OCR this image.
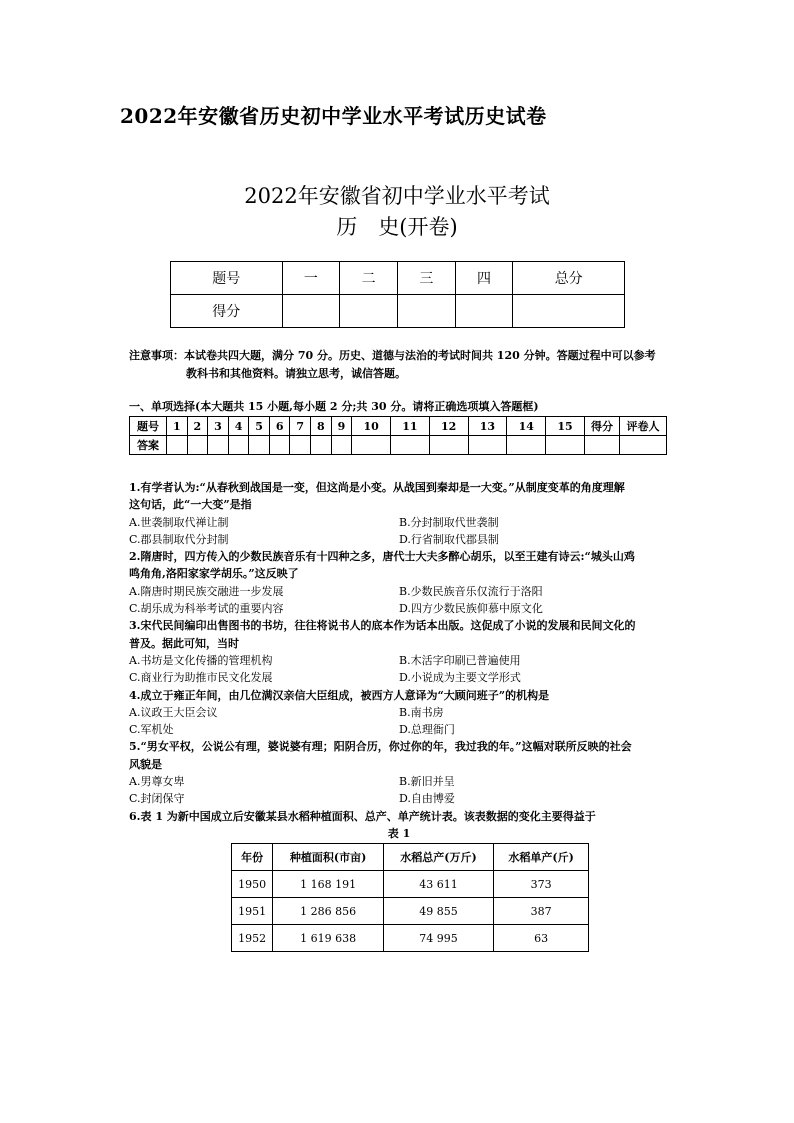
2022年安徽省历史初中学业水平考试历史试卷
2022年安徽省初中学业水平考试
历　史(开卷)
题号	一	二	三	四	总分
得分					
注意事项：本试卷共四大题，满分 70 分。历史、道德与法治的考试时间共 120 分钟。答题过程中可以参考
教科书和其他资料。请独立思考，诚信答题。
一、单项选择(本大题共 15 小题,每小题 2 分;共 30 分。请将正确选项填入答题框)
题号	1	2	3	4	5	6	7	8	9	10	11	12	13	14	15	得分	评卷人
答案																	
1.有学者认为:“从春秋到战国是一变，但这尚是小变。从战国到秦却是一大变。”从制度变革的角度理解
这句话，此“一大变”是指
A.世袭制取代禅让制	B.分封制取代世袭制
C.郡县制取代分封制	D.行省制取代郡县制
2.隋唐时，四方传入的少数民族音乐有十四种之多，唐代士大夫多醉心胡乐，以至王建有诗云:“城头山鸡
鸣角角,洛阳家家学胡乐。”这反映了
A.隋唐时期民族交融进一步发展	B.少数民族音乐仅流行于洛阳
C.胡乐成为科举考试的重要内容	D.四方少数民族仰慕中原文化
3.宋代民间编印出售图书的书坊，往往将说书人的底本作为话本出版。这促成了小说的发展和民间文化的
普及。据此可知，当时
A.书坊是文化传播的管理机构	B.木活字印刷已普遍使用
C.商业行为助推市民文化发展	D.小说成为主要文学形式
4.成立于雍正年间，由几位满汉亲信大臣组成，被西方人意译为“大顾问班子”的机构是
A.议政王大臣会议	B.南书房
C.军机处	D.总理衙门
5.“男女平权，公说公有理，婆说婆有理；阳阴合历，你过你的年，我过我的年。”这幅对联所反映的社会
风貌是
A.男尊女卑	B.新旧并呈
C.封闭保守	D.自由博爱
6.表 1 为新中国成立后安徽某县水稻种植面积、总产、单产统计表。该表数据的变化主要得益于
表 1
年份	种植面积(市亩)	水稻总产(万斤)	水稻单产(斤)
1950	1 168 191	43 611	373
1951	1 286 856	49 855	387
1952	1 619 638	74 995	63
